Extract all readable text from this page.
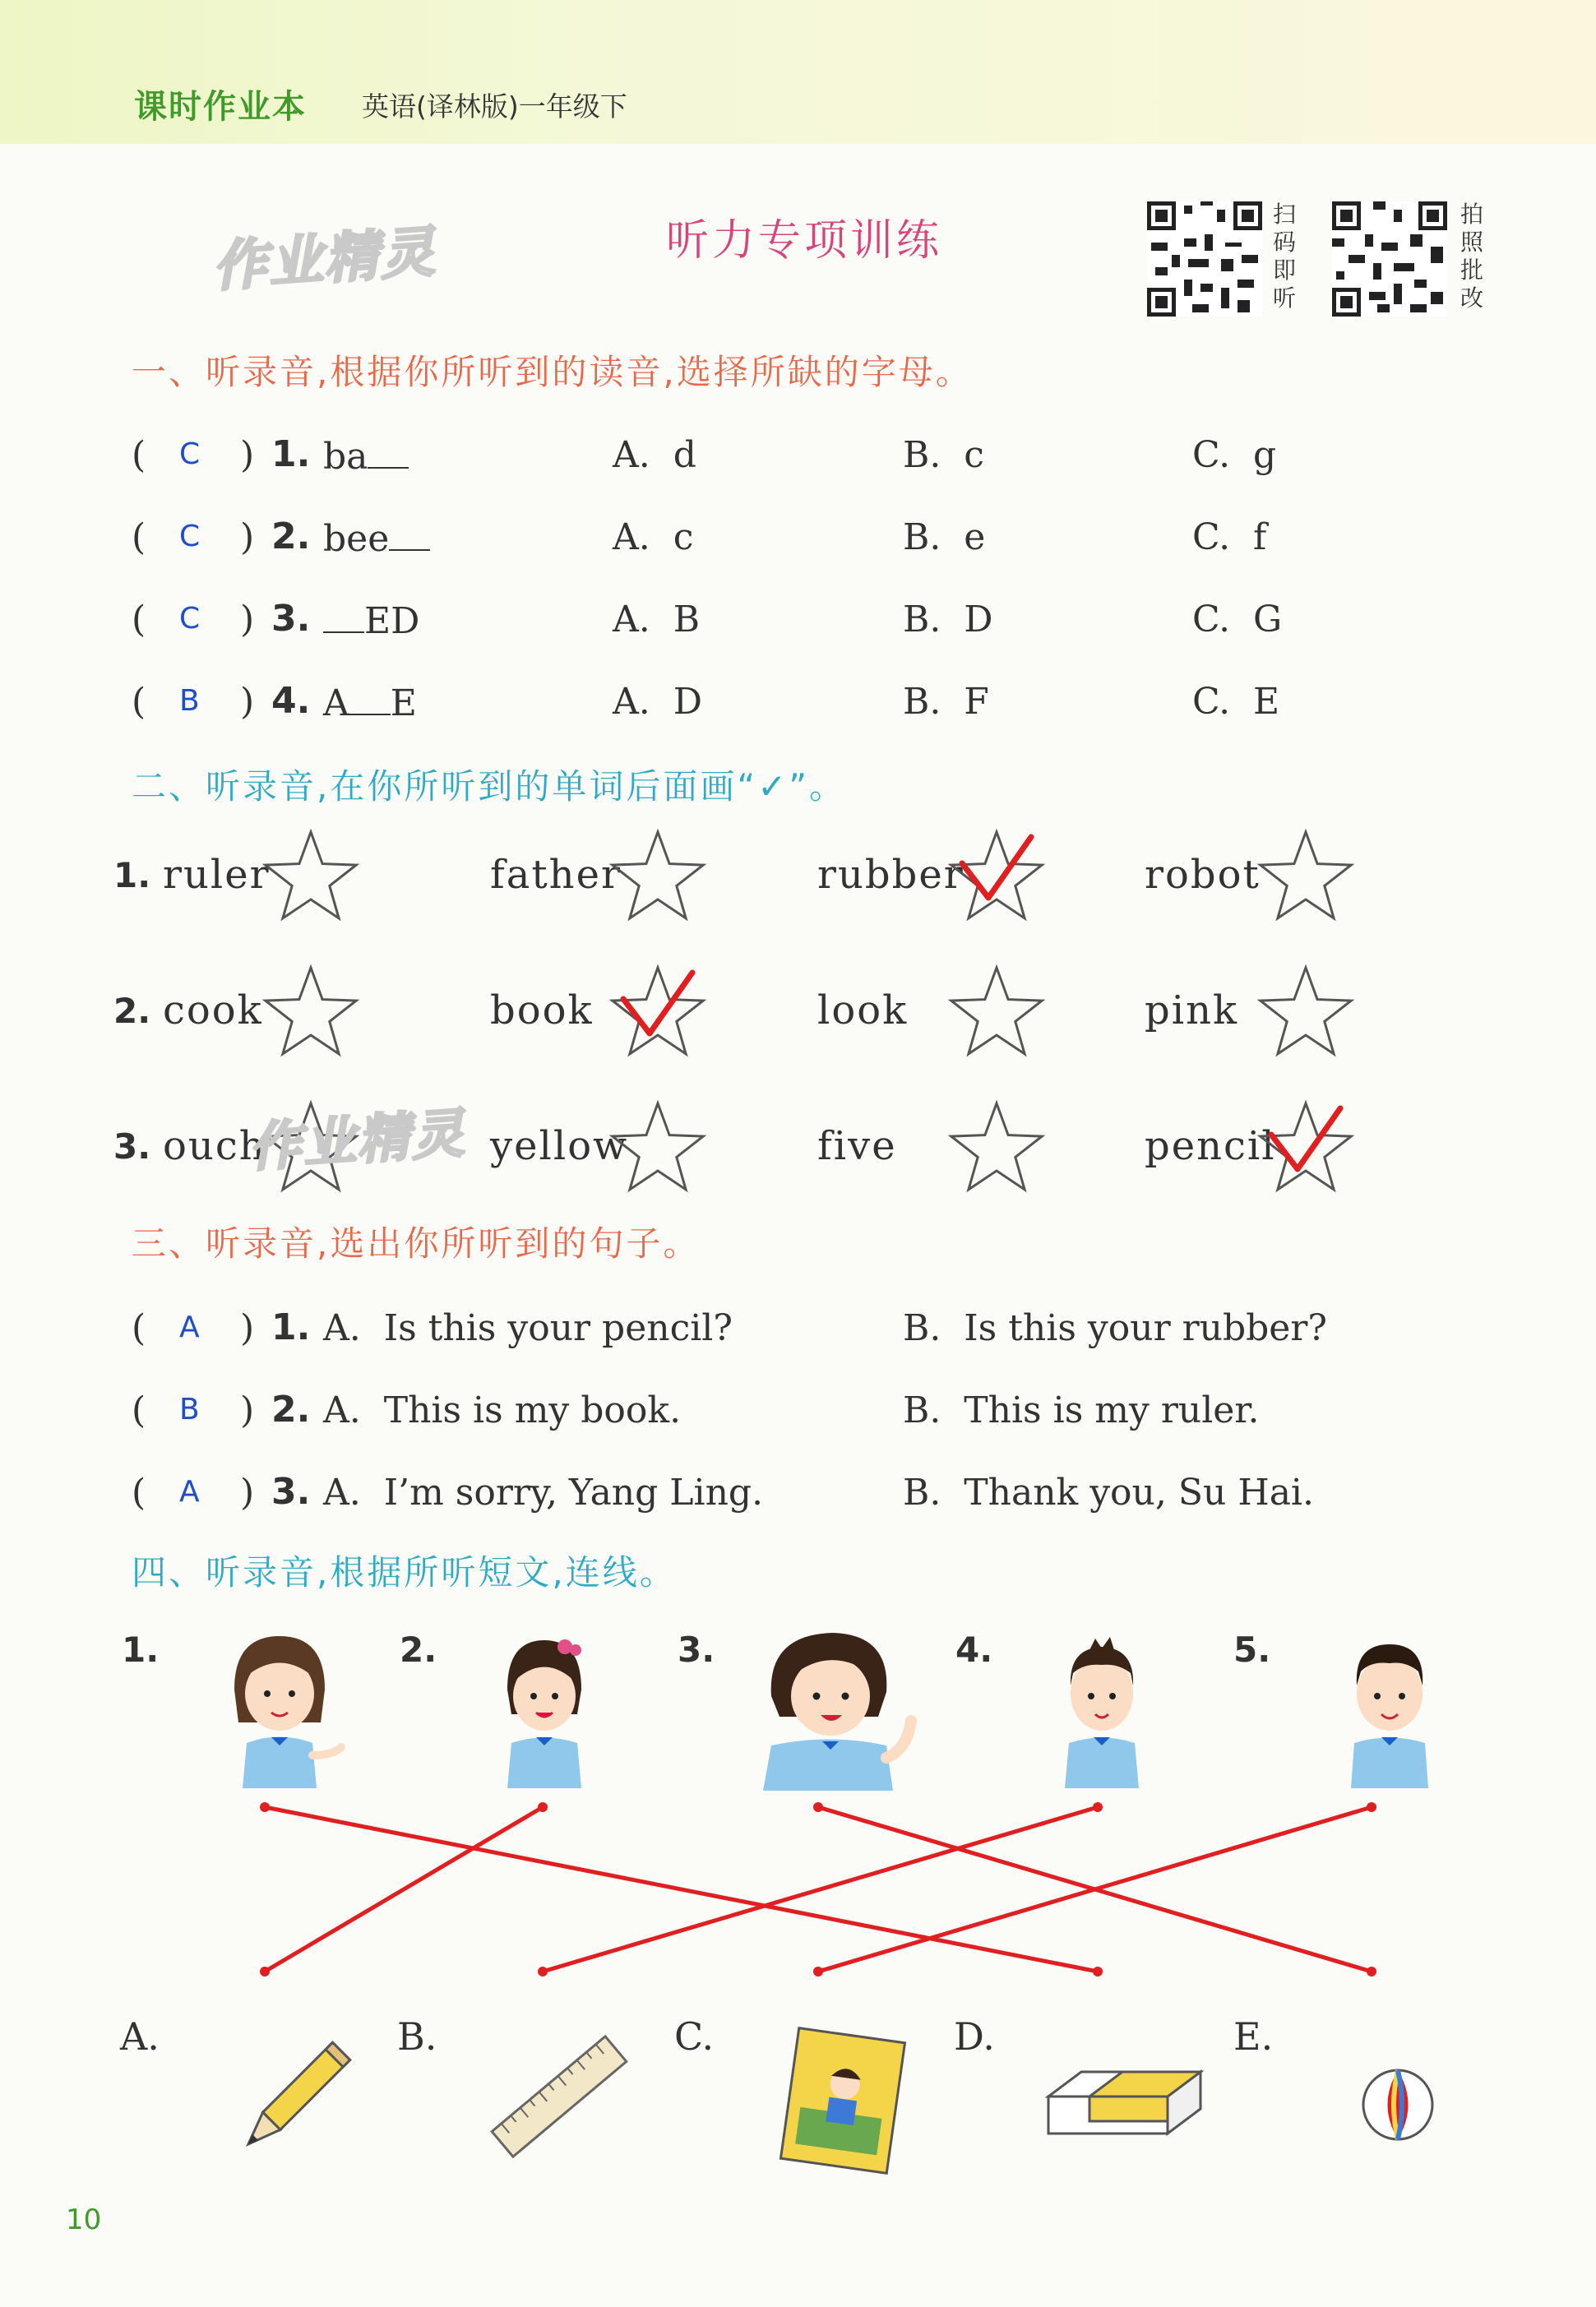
课时作业本 英语(译林版)一年级下
作业精灵	听力专项训练
扫
码
即
听
拍
照
批
改
一、听录音,根据你所听到的读音,选择所缺的字母。
( C ) 1. ba	A.  d	B.  c	C.  g
( C ) 2. bee	A.  c	B.  e	C.  f
( C ) 3.	ED	A.  B	B.  D	C.  G
( B ) 4. A E	A.  D	B.  F	C.  E
二、听录音,在你所听到的单词后面画“✓”。
1. ruler	father	rubber	robot
2. cook	book	look	pink
3. ouch	yellow	five	pencil
作业精灵
三、听录音,选出你所听到的句子。
( A ) 1. A.  Is this your pencil?	B.  Is this your rubber?
( B ) 2. A.  This is my book.	B.  This is my ruler.
( A ) 3. A.  I’m sorry, Yang Ling.	B.  Thank you, Su Hai.
四、听录音,根据所听短文,连线。
1.	2.	3.	4.	5.
A.	B.	C.	D.	E.
10
